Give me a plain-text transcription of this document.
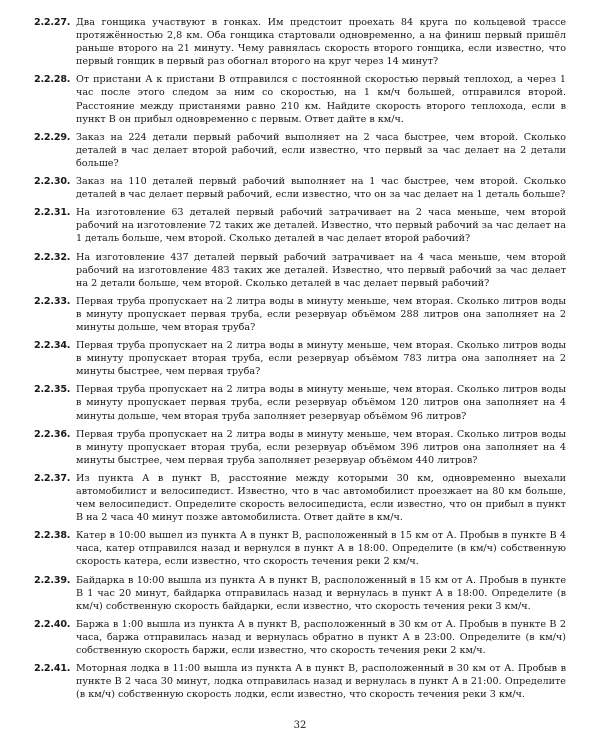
2.2.27. Два гонщика участвуют в гонках. Им предстоит проехать 84 круга по кольцевой трассе протяжённостью 2,8 км. Оба гонщика стартовали одновременно, а на финиш первый пришёл раньше второго на 21 минуту. Чему равнялась скорость второго гонщика, если известно, что первый гонщик в первый раз обогнал второго на круг через 14 минут?
2.2.28. От пристани А к пристани В отправился с постоянной скоростью первый теплоход, а через 1 час после этого следом за ним со скоростью, на 1 км/ч большей, отправился второй. Расстояние между пристанями равно 210 км. Найдите скорость второго теплохода, если в пункт В он прибыл одновременно с первым. Ответ дайте в км/ч.
2.2.29. Заказ на 224 детали первый рабочий выполняет на 2 часа быстрее, чем второй. Сколько деталей в час делает второй рабочий, если известно, что первый за час делает на 2 детали больше?
2.2.30. Заказ на 110 деталей первый рабочий выполняет на 1 час быстрее, чем второй. Сколько деталей в час делает первый рабочий, если известно, что он за час делает на 1 деталь больше?
2.2.31. На изготовление 63 деталей первый рабочий затрачивает на 2 часа меньше, чем второй рабочий на изготовление 72 таких же деталей. Известно, что первый рабочий за час делает на 1 деталь больше, чем второй. Сколько деталей в час делает второй рабочий?
2.2.32. На изготовление 437 деталей первый рабочий затрачивает на 4 часа меньше, чем второй рабочий на изготовление 483 таких же деталей. Известно, что первый рабочий за час делает на 2 детали больше, чем второй. Сколько деталей в час делает первый рабочий?
2.2.33. Первая труба пропускает на 2 литра воды в минуту меньше, чем вторая. Сколько литров воды в минуту пропускает первая труба, если резервуар объёмом 288 литров она заполняет на 2 минуты дольше, чем вторая труба?
2.2.34. Первая труба пропускает на 2 литра воды в минуту меньше, чем вторая. Сколько литров воды в минуту пропускает вторая труба, если резервуар объёмом 783 литра она заполняет на 2 минуты быстрее, чем первая труба?
2.2.35. Первая труба пропускает на 2 литра воды в минуту меньше, чем вторая. Сколько литров воды в минуту пропускает первая труба, если резервуар объёмом 120 литров она заполняет на 4 минуты дольше, чем вторая труба заполняет резервуар объёмом 96 литров?
2.2.36. Первая труба пропускает на 2 литра воды в минуту меньше, чем вторая. Сколько литров воды в минуту пропускает вторая труба, если резервуар объёмом 396 литров она заполняет на 4 минуты быстрее, чем первая труба заполняет резервуар объёмом 440 литров?
2.2.37. Из пункта А в пункт В, расстояние между которыми 30 км, одновременно выехали автомобилист и велосипедист. Известно, что в час автомобилист проезжает на 80 км больше, чем велосипедист. Определите скорость велосипедиста, если известно, что он прибыл в пункт В на 2 часа 40 минут позже автомобилиста. Ответ дайте в км/ч.
2.2.38. Катер в 10:00 вышел из пункта А в пункт В, расположенный в 15 км от А. Пробыв в пункте В 4 часа, катер отправился назад и вернулся в пункт А в 18:00. Определите (в км/ч) собственную скорость катера, если известно, что скорость течения реки 2 км/ч.
2.2.39. Байдарка в 10:00 вышла из пункта А в пункт В, расположенный в 15 км от А. Пробыв в пункте В 1 час 20 минут, байдарка отправилась назад и вернулась в пункт А в 18:00. Определите (в км/ч) собственную скорость байдарки, если известно, что скорость течения реки 3 км/ч.
2.2.40. Баржа в 1:00 вышла из пункта А в пункт В, расположенный в 30 км от А. Пробыв в пункте В 2 часа, баржа отправилась назад и вернулась обратно в пункт А в 23:00. Определите (в км/ч) собственную скорость баржи, если известно, что скорость течения реки 2 км/ч.
2.2.41. Моторная лодка в 11:00 вышла из пункта А в пункт В, расположенный в 30 км от А. Пробыв в пункте В 2 часа 30 минут, лодка отправилась назад и вернулась в пункт А в 21:00. Определите (в км/ч) собственную скорость лодки, если известно, что скорость течения реки 3 км/ч.
32
